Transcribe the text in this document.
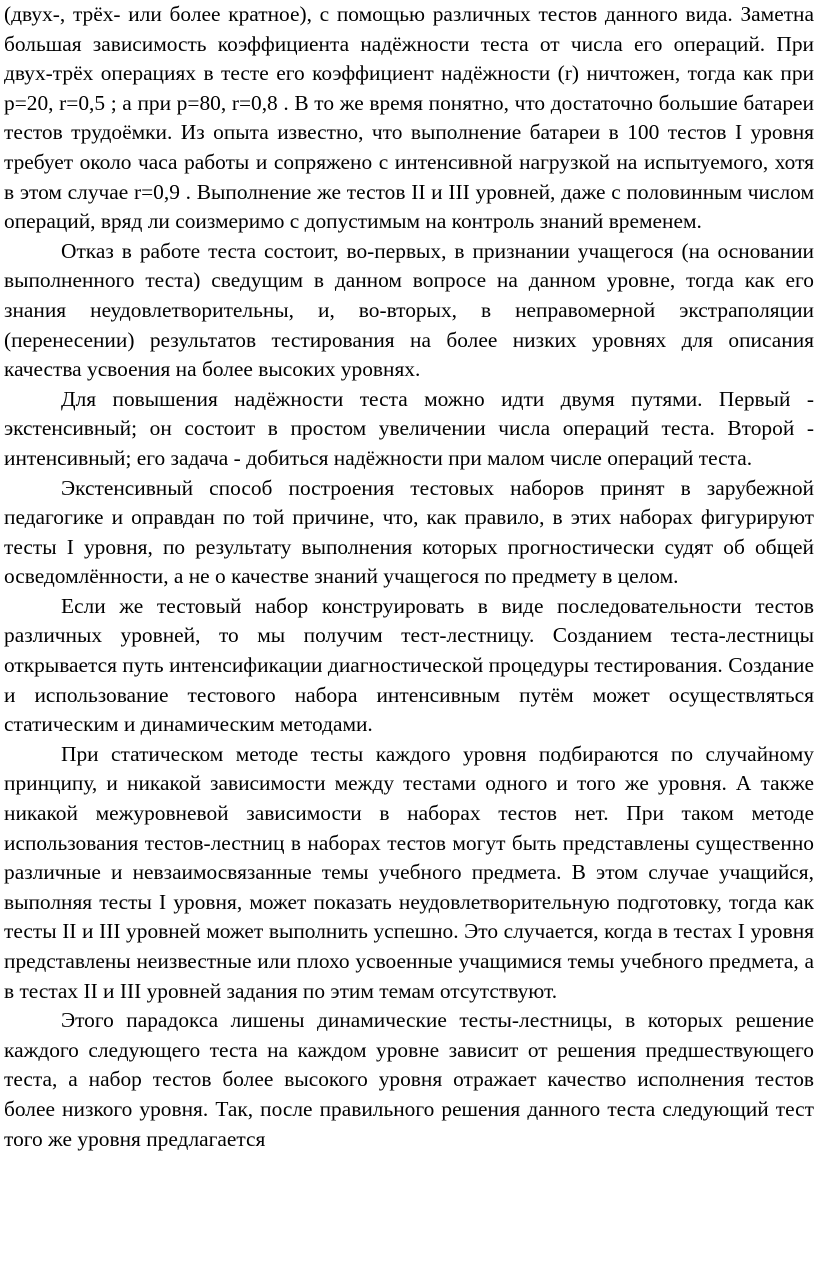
(двух-, трёх- или более кратное), с помощью различных тестов данного вида. Заметна большая зависимость коэффициента надёжности теста от числа его операций. При двух-трёх операциях в тесте его коэффициент надёжности (r) ничтожен, тогда как при p=20, r=0,5 ; а при p=80, r=0,8 . В то же время понятно, что достаточно большие батареи тестов трудоёмки. Из опыта известно, что выполнение батареи в 100 тестов I уровня требует около часа работы и сопряжено с интенсивной нагрузкой на испытуемого, хотя в этом случае r=0,9 . Выполнение же тестов II и III уровней, даже с половинным числом операций, вряд ли соизмеримо с допустимым на контроль знаний временем.

Отказ в работе теста состоит, во-первых, в признании учащегося (на основании выполненного теста) сведущим в данном вопросе на данном уровне, тогда как его знания неудовлетворительны, и, во-вторых, в неправомерной экстраполяции (перенесении) результатов тестирования на более низких уровнях для описания качества усвоения на более высоких уровнях.

Для повышения надёжности теста можно идти двумя путями. Первый - экстенсивный; он состоит в простом увеличении числа операций теста. Второй - интенсивный; его задача - добиться надёжности при малом числе операций теста.

Экстенсивный способ построения тестовых наборов принят в зарубежной педагогике и оправдан по той причине, что, как правило, в этих наборах фигурируют тесты I уровня, по результату выполнения которых прогностически судят об общей осведомлённости, а не о качестве знаний учащегося по предмету в целом.

Если же тестовый набор конструировать в виде последовательности тестов различных уровней, то мы получим тест-лестницу. Созданием теста-лестницы открывается путь интенсификации диагностической процедуры тестирования. Создание и использование тестового набора интенсивным путём может осуществляться статическим и динамическим методами.

При статическом методе тесты каждого уровня подбираются по случайному принципу, и никакой зависимости между тестами одного и того же уровня. А также никакой межуровневой зависимости в наборах тестов нет. При таком методе использования тестов-лестниц в наборах тестов могут быть представлены существенно различные и невзаимосвязанные темы учебного предмета. В этом случае учащийся, выполняя тесты I уровня, может показать неудовлетворительную подготовку, тогда как тесты II и III уровней может выполнить успешно. Это случается, когда в тестах I уровня представлены неизвестные или плохо усвоенные учащимися темы учебного предмета, а в тестах II и III уровней задания по этим темам отсутствуют.

Этого парадокса лишены динамические тесты-лестницы, в которых решение каждого следующего теста на каждом уровне зависит от решения предшествующего теста, а набор тестов более высокого уровня отражает качество исполнения тестов более низкого уровня. Так, после правильного решения данного теста следующий тест того же уровня предлагается
